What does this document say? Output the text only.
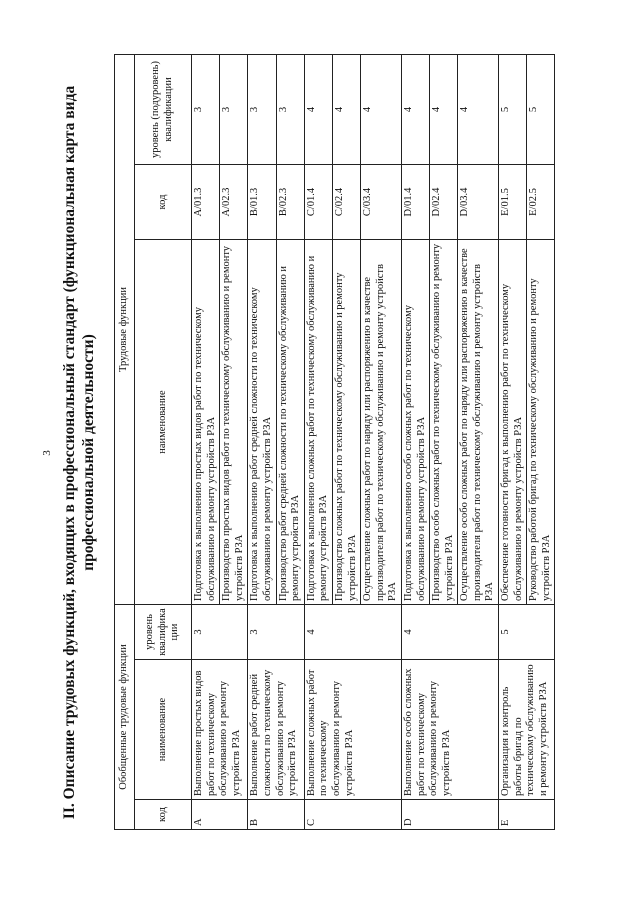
3 II. Описание трудовых функций, входящих в профессиональный стандарт (функциональная карта вида профессиональной деятельности)
Обобщенные трудовые функции			Трудовые функции		
код	наименование	уровень квалификации	наименование	код	уровень (подуровень) квалификации
A	Выполнение простых видов работ по техническому обслуживанию и ремонту устройств РЗА	3	Подготовка к выполнению простых видов работ по техническому обслуживанию и ремонту устройств РЗА	A/01.3	3
			Производство простых видов работ по техническому обслуживанию и ремонту устройств РЗА	A/02.3	3
B	Выполнение работ средней сложности по техническому обслуживанию и ремонту устройств РЗА	3	Подготовка к выполнению работ средней сложности по техническому обслуживанию и ремонту устройств РЗА	B/01.3	3
			Производство работ средней сложности по техническому обслуживанию и ремонту устройств РЗА	B/02.3	3
C	Выполнение сложных работ по техническому обслуживанию и ремонту устройств РЗА	4	Подготовка к выполнению сложных работ по техническому обслуживанию и ремонту устройств РЗА	C/01.4	4
			Производство сложных работ по техническому обслуживанию и ремонту устройств РЗА	C/02.4	4
			Осуществление сложных работ по наряду или распоряжению в качестве производителя работ по техническому обслуживанию и ремонту устройств РЗА	C/03.4	4
D	Выполнение особо сложных работ по техническому обслуживанию и ремонту устройств РЗА	4	Подготовка к выполнению особо сложных работ по техническому обслуживанию и ремонту устройств РЗА	D/01.4	4
			Производство особо сложных работ по техническому обслуживанию и ремонту устройств РЗА	D/02.4	4
			Осуществление особо сложных работ по наряду или распоряжению в качестве производителя работ по техническому обслуживанию и ремонту устройств РЗА	D/03.4	4
E	Организация и контроль работы бригад по техническому обслуживанию и ремонту устройств РЗА	5	Обеспечение готовности бригад к выполнению работ по техническому обслуживанию и ремонту устройств РЗА	E/01.5	5
			Руководство работой бригад по техническому обслуживанию и ремонту устройств РЗА	E/02.5	5
